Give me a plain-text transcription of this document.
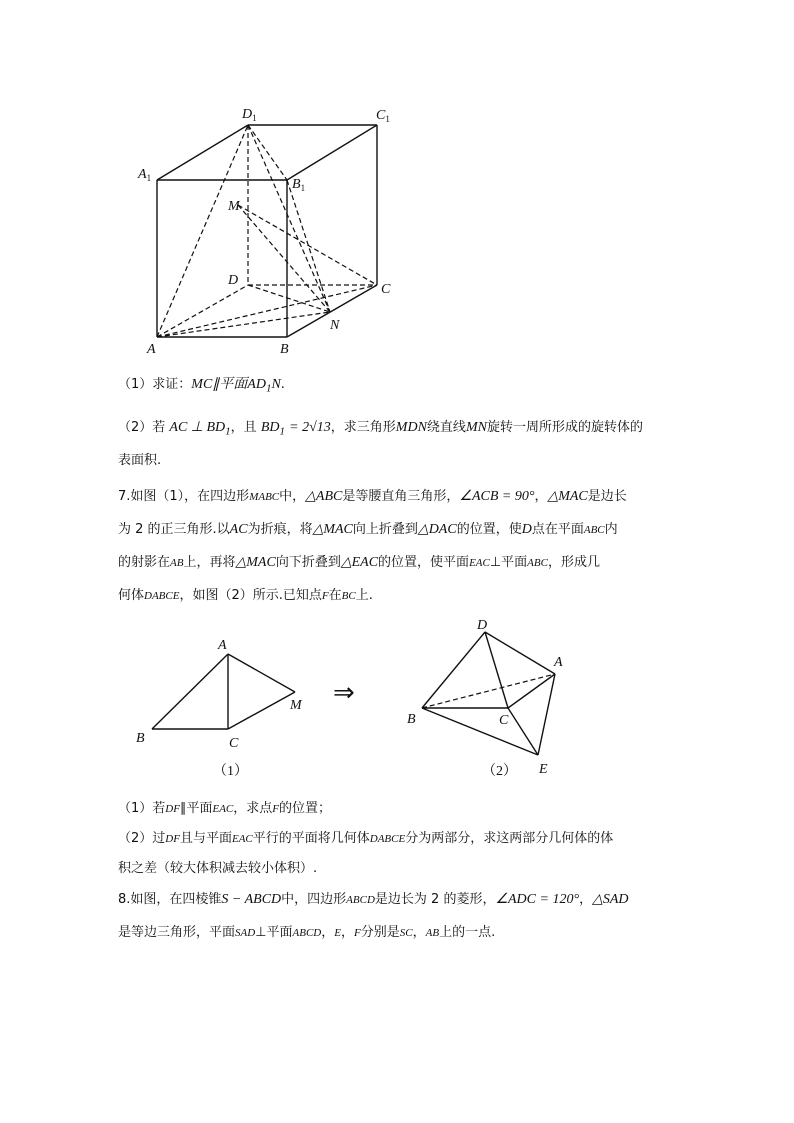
$D_1$	$C_1$
$A_1$	$B_1$
M
D
C
N
A	B
（1）求证：MC∥平面$AD_1N$.
（2）若 AC ⊥ $BD_1$，且 $BD_1 = 2√13$，求三角形MDN绕直线MN旋转一周所形成的旋转体的
表面积.
7.如图（1），在四边形MABC中，△ABC是等腰直角三角形，∠ACB = 90°，△MAC是边长
为 2 的正三角形.以AC为折痕，将△MAC向上折叠到△DAC的位置，使D点在平面ABC内
的射影在AB上，再将△MAC向下折叠到△EAC的位置，使平面EAC⊥平面ABC，形成几
何体DABCE，如图（2）所示.已知点F在BC上.
A
M
B	C
（1）
⇒
D
A
B	C
E
（2）
（1）若DF∥平面EAC，求点F的位置；
（2）过DF且与平面EAC平行的平面将几何体DABCE分为两部分，求这两部分几何体的体
积之差（较大体积减去较小体积）.
8.如图，在四棱锥S − ABCD中，四边形ABCD是边长为 2 的菱形，∠ADC = 120°，△SAD
是等边三角形，平面SAD⊥平面ABCD，E，F分别是SC，AB上的一点.
